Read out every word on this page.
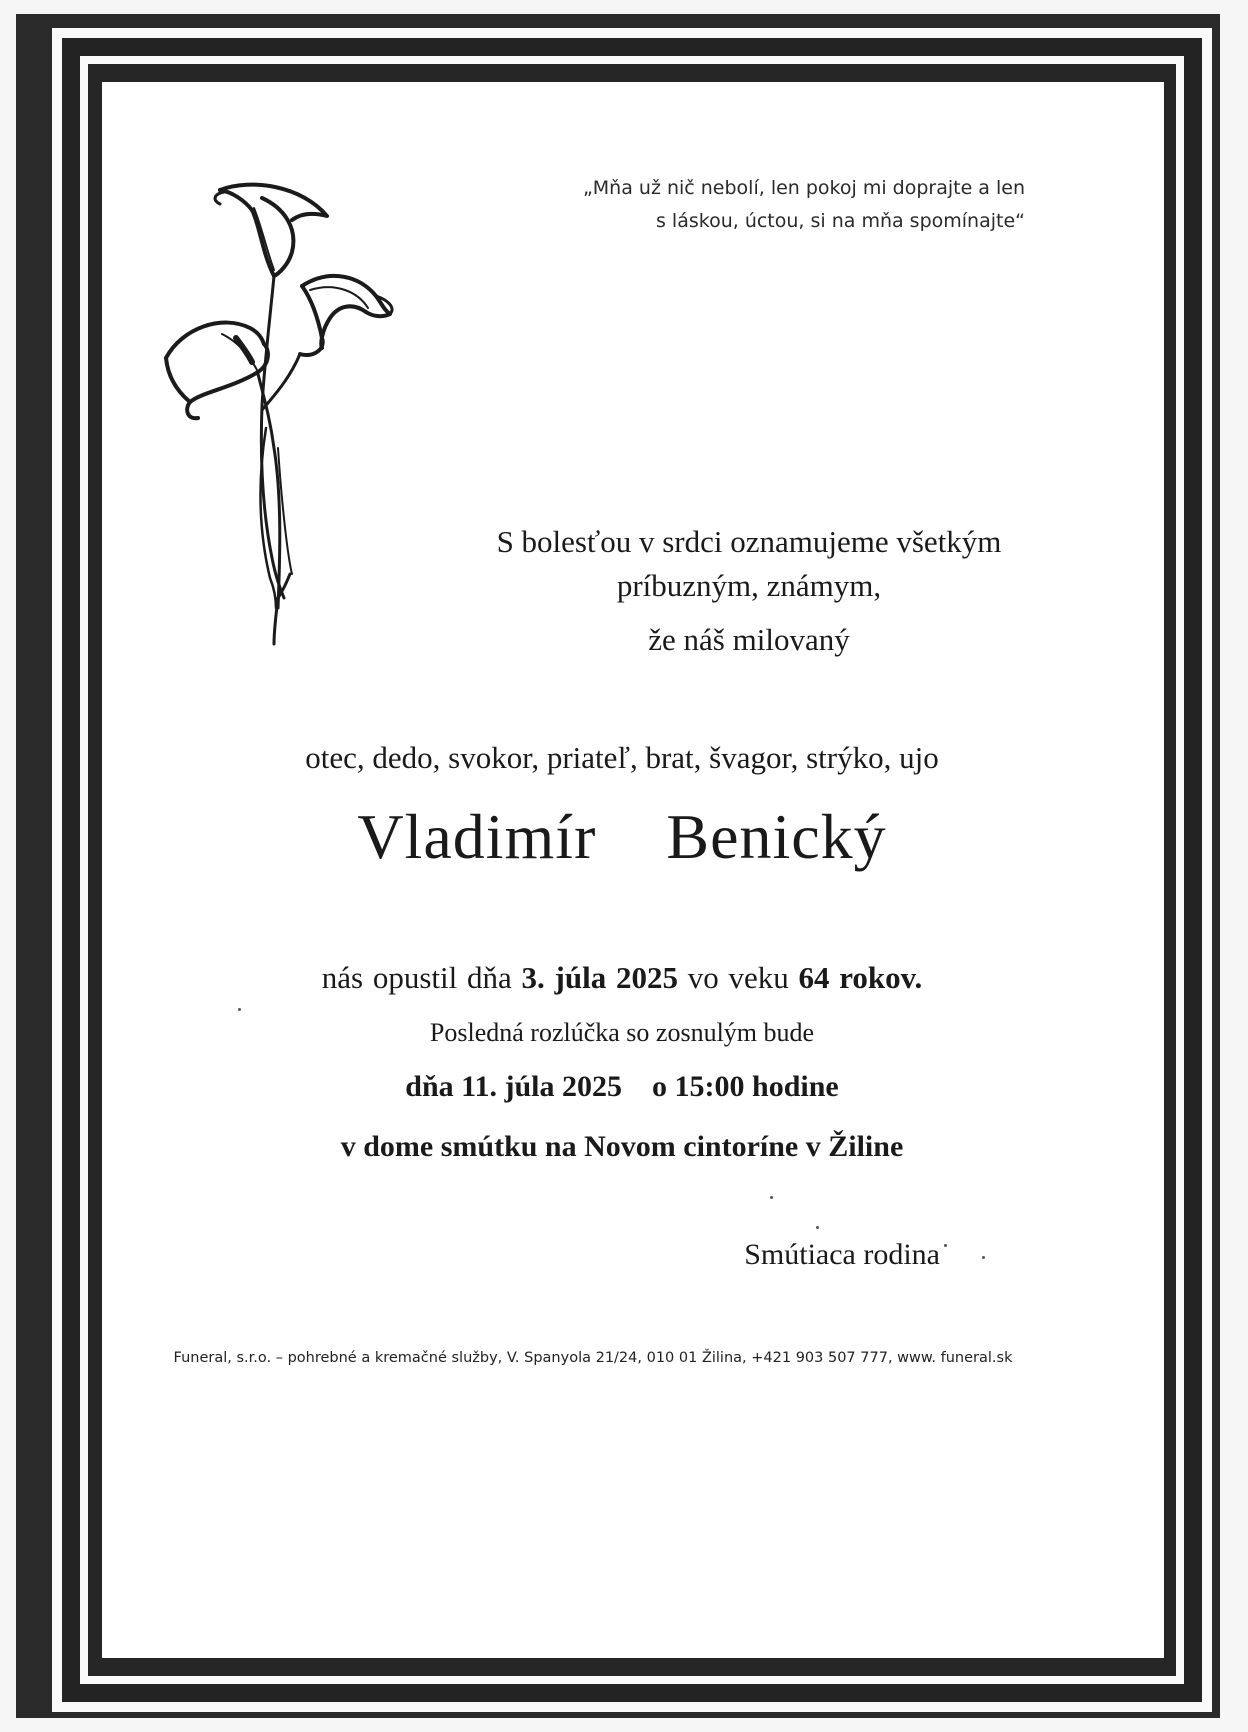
„Mňa už nič nebolí, len pokoj mi doprajte a len
s láskou, úctou, si na mňa spomínajte“
S bolesťou v srdci oznamujeme všetkým
príbuzným, známym,
že náš milovaný
otec, dedo, svokor, priateľ, brat, švagor, strýko, ujo
Vladimír  Benický
nás opustil dňa 3. júla 2025 vo veku 64 rokov.
Posledná rozlúčka so zosnulým bude
dňa 11. júla 2025 o 15:00 hodine
v dome smútku na Novom cintoríne v Žiline
Smútiaca rodina
Funeral, s.r.o. – pohrebné a kremačné služby, V. Spanyola 21/24, 010 01 Žilina, +421 903 507 777, www. funeral.sk
